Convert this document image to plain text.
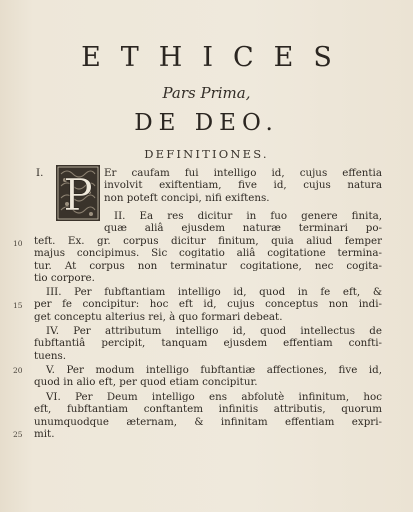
ETHICES
Pars Prima,
DE DEO.
DEFINITIONES.
I. P Er caufam fui intelligo id, cujus effentia
involvit exiftentiam, five id, cujus natura
non poteft concipi, nifi exiftens.
II. Ea res dicitur in fuo genere finita,
quæ aliâ ejusdem naturæ terminari po-
teft. Ex. gr. corpus dicitur finitum, quia aliud femper
majus concipimus. Sic cogitatio aliâ cogitatione termina-
tur. At corpus non terminatur cogitatione, nec cogita-
tio corpore.
III. Per fubftantiam intelligo id, quod in fe eft, &
per fe concipitur: hoc eft id, cujus conceptus non indi-
get conceptu alterius rei, à quo formari debeat.
IV. Per attributum intelligo id, quod intellectus de
fubftantiâ percipit, tanquam ejusdem effentiam confti-
tuens.
V. Per modum intelligo fubftantiæ affectiones, five id,
quod in alio eft, per quod etiam concipitur.
VI. Per Deum intelligo ens abfolutè infinitum, hoc
eft, fubftantiam conftantem infinitis attributis, quorum
unumquodque æternam, & infinitam effentiam expri-
mit.
10
15
20
25
